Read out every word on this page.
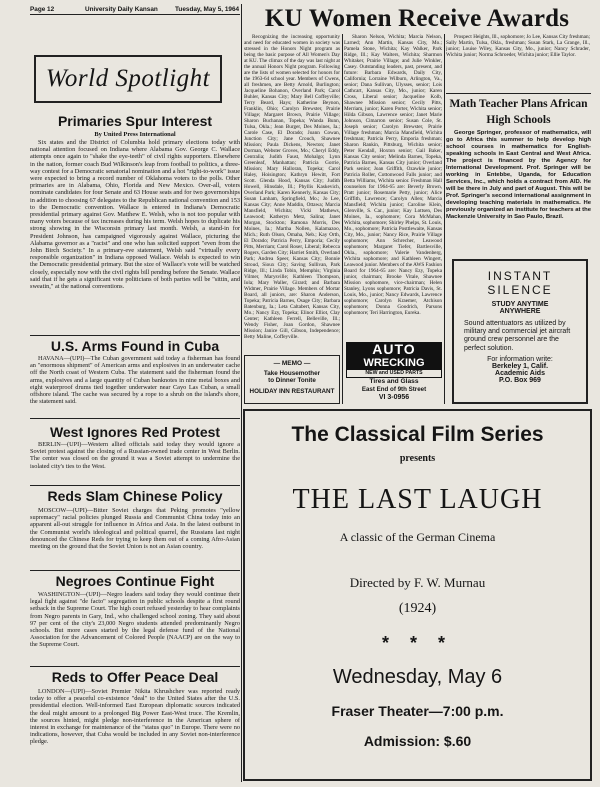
Page 12	University Daily Kansan	Tuesday, May 5, 1964
World Spotlight
Primaries Spur Interest
By United Press International

Six states and the District of Columbia hold primary elections today with national attention focused on Indiana where Alabama Gov. George C. Wallace attempts once again to "shake the eye-teeth" of civil rights supporters. Elsewhere in the nation, former coach Bud Wilkinson's leap from football to politics, a three-way contest for a Democratic senatorial nomination and a hot "right-to-work" issue were expected to bring a record number of Oklahoma voters to the polls. Other primaries are in Alabama, Ohio, Florida and New Mexico. Over-all, voters nominate candidates for four Senate and 63 House seats and for two governorships in addition to choosing 67 delegates to the Republican national convention and 153 to the Democratic convention. Wallace is entered in Indiana's Democratic presidential primary against Gov. Matthew E. Welsh, who is not too popular with many voters because of tax increases during his term. Welsh hopes to duplicate his strong showing in the Wisconsin primary last month. Welsh, a stand-in for President Johnson, has campaigned vigorously against Wallace, picturing the Alabama governor as a "racist" and one who has solicited support "even from the John Birch Society." In a primary-eve statement, Welsh said "virtually every responsible organization" in Indiana opposed Wallace. Welsh is expected to win the Democratic presidential primary. But the size of Wallace's vote will be watched closely, especially now with the civil rights bill pending before the Senate. Wallace said that if he gets a significant vote politicians of both parties will be "sittin, and sweatin," at the national conventions.

U.S. Arms Found in Cuba

HAVANA—(UPI)—The Cuban government said today a fisherman has found an "enormous shipment" of American arms and explosives in an underwater cache off the North coast of Western Cuba. The statement said the fisherman found the arms, explosives and a large quantity of Cuban banknotes in nine metal boxes and eight waterproof drums tied together underwater near Cayo Las Cuban, a small offshore island. The cache was secured by a rope to a shrub on the island's shore, the statement said.

West Ignores Red Protest

BERLIN—(UPI)—Western allied officials said today they would ignore a Soviet protest against the closing of a Russian-owned trade center in West Berlin. The center was closed on the ground it was a Soviet attempt to undermine the isolated city's ties to the West.

Reds Slam Chinese Policy

MOSCOW—(UPI)—Bitter Soviet charges that Peking promotes "yellow supremacy" racial policies plunged Russia and Communist China today into an apparent all-out struggle for influence in Africa and Asia. In the latest outburst in the Communist world's ideological and political quarrel, the Russians last night denounced the Chinese Reds for trying to keep them out of a coming Afro-Asian meeting on the ground that the Soviet Union is not an Asian country.

Negroes Continue Fight

WASHINGTON—(UPI)—Negro leaders said today they would continue their legal fight against "de facto" segregation in public schools despite a first round setback in the Supreme Court. The high court refused yesterday to hear complaints from Negro parents in Gary, Ind., who challenged school zoning. They said about 97 per cent of the city's 23,000 Negro students attended predominantly Negro schools. But more cases started by the legal defense fund of the National Association for the Advancement of Colored People (NAACP) are on the way to the Supreme Court.

Reds to Offer Peace Deal

LONDON—(UPI)—Soviet Premier Nikita Khrushchev was reported ready today to offer a peaceful co-existence "deal" to the United States after the U.S. presidential election. Well-informed East European diplomatic sources indicated the deal might amount to a prolonged Big Power East-West truce. The Kremlin, the sources hinted, might pledge non-interference in the American sphere of interest in exchange for maintenance of the "status quo" in Europe. There were no indications, however, that Cuba would be included in any Soviet non-interference pledge.

KU Women Receive Awards

Recognizing the increasing opportunity and need for educated women in society was stressed in the Honors Night program as being the basic purpose of All Women's Day at KU. The climax of the day was last night at the annual Honors Night program. Following are the lists of women selected for honors for the 1963-64 school year. Members of Cwens, all freshmen, are Betty Arnold, Burlington; Jacqueline Bohanon, Overland Park; Carol Buhler, Kansas City; Mary Bell Coffeyville; Terry Beard, Hays; Katherine Beynon, Franklin, Ohio; Carolyn Brewster, Prairie Village; Margaret Brown, Prairie Village; Sharon Buchanan, Topeka; Wanda Bunn, Tulsa, Okla.; Jean Burger, Des Moines, Ia.; Carole Case, El Dorado; Joann Cowan, Junction City; Jane Crouch, Shawnee Mission; Paula Dickens, Newton; Janet Dorman, Webster Groves, Mo.; Cheryl Eddy, Centralia; Judith Faust, Mohalgo; Lynn Greenleaf, Manhattan; Patricia Gorrie, Mission; Mary Halloran, Topeka; Carol Haley, Hoisington; Kathryn Hewitt, Fort Scott. Glenda Hood, Kansas City; Judith Howell, Hinsdale, Ill.; Phyllis Kaskevich, Overland Park; Karen Kennerly, Kansas City; Susan Lanham, Springfield, Mo.; Jo Lee, Kansas City; Anne Maddin, Ottawa; Marcia Mansfield, Wichita; Vicki Mathews, Leawood; Katheryn Metz, Salina; Janet Morgan, Stockton; Ramona Morris, Des Moines, Ia.; Martha Nollen, Kalamazoo, Mich.; Ruth Olson, Omaha, Neb.; Kay Orth, El Dorado; Patricia Perry, Emporia; Cecily Pitts, Merriam; Carol Roser, Liberal; Rebecca Rogers, Garden City; Harriet Smith, Overland Park; Andrea Speer, Kansas City; Bonnie Stroud, Sioux City; Saving Sullivan, Park Ridge, Ill.; Linda Tobin, Memphis; Virginia Vilmer, Marysville; Kathleen Thompson, Iola; Mary Waller, Girard; and Barbara Widmer, Prairie Village. Members of Mortar Board, all juniors, are: Sharon Anderson, Topeka; Patricia Barnes, Osage City; Barbara Batenburg, Ia.; Leta Caltabert, Kansas City, Mo.; Nancy Ezy, Topeka; Elinor Elliot, Clay Center; Kathleen Ferrell, Belleville, Ill.; Wendy Fisher, Joan Gordon, Shawnee Mission; Janice Gill, Gibson, Independence; Betty Maline, Coffeyville.

Sharon Nelson, Wichita; Marcia Nelson, Larned; Ann Martin, Kansas City, Mo.; Pamela Stone, Wichita; Kay Walker, Park Ridge, Ill.; Kay Walters, Wichita; Sharmon Whitaker, Prairie Village; and Julie Winkler, Casey. Outstanding leaders, past, present, and future: Barbara Edwards, Daily City, California; Lorraine Wilburn, Arlington, Va., senior; Dana Sullivan, Ulysses, senior; Lois Cathcart, Kansas City, Mo., junior; Karen Cross, Liberal senior; Jacqueline Kolb, Shawnee Mission senior; Cecily Pitts, Merriam, junior; Karen Porter, Wichita senior; Hilda Gibson, Lawrence senior; Janet Marie Johnson, Cimarron senior; Susan Cole, St. Joseph senior; Carolyn Brewster, Prairie Village freshman; Marcia Mansfield, Wichita freshman; Patricia Perry, Emporia freshman; Sharon Rankin, Pittsburg, Wichita senior; Peter Kendall, Hoxton senior; Gail Baker, Kansas City senior; Melinda Barnes, Topeka, Patricia Barnes, Kansas City junior; Overland Park senior; Joan Griffith, Ozawkie junior; Patricia Roller, Cottonwood Falls junior; and Betta Williams, Wichita senior. Freshman Hall counselors for 1964-65 are: Beverly Brown, Pratt junior; Rosemarie Petty, junior; Alice Griffith, Lawrence; Carolyn Allen; Marcia Mansfield; Wichita junior; Caroline Klein, Glenville, S. Car., junior; Kay Lottsen, Des Moines, Ia., sophomore; Cora McMahan, Wichita, sophomore; Shirley Phelps, St. Louis, Mo., sophomore; Patricia Posttlewaite, Kansas City, Mo., junior; Nancy Rice, Prairie Village sophomore; Ann Schrecher, Leawood sophomore; Margaret Tiefer, Bartlesville, Okla., sophomore; Valerie Vandenberg, Wichita sophomore; and Kathleen Wingert, Leawood junior. Members of the AWS Fashion Board for 1964-65 are: Nancy Ezy, Topeka junior, chairman; Brooke Vitale, Shawnee Mission sophomore, vice-chairman; Helen Stanley, Lyons sophomore; Patricia Davis, St. Louis, Mo., junior; Nancy Edwards, Lawrence sophomore; Carolyn Kraemer, Atchison sophomore; Donna Goodrich, Parsons sophomore; Teri Harrington, Eureka.

Prospect Heights, Ill., sophomore; Jo Lee, Kansas City freshman; Sally Martin, Tulsa, Okla., freshman; Susan Stark, La Grange, Ill., junior; Louise Wiley, Kansas City, Mo., junior; Nancy Schrader, Wichita junior; Norma Schroeder, Wichita junior; Ellie Taylor.

Math Teacher Plans African High Schools

George Springer, professor of mathematics, will go to Africa this summer to help develop high school courses in mathematics for English-speaking schools in East Central and West Africa. The project is financed by the Agency for International Development. Prof. Springer will be working in Entebbe, Uganda, for Education Services, Inc., which holds a contract from AID. He will be there in July and part of August. This will be Prof. Springer's second international assignment in developing teaching materials in mathematics. He previously organized an institute for teachers at the Mackenzie University in Sao Paulo, Brazil.

INSTANT
SILENCE
STUDY ANYTIME
ANYWHERE
Sound attentuators as utilized by military and commercial jet aircraft ground crew personnel are the perfect solution.
For information write:
Berkeley 1, Calif.
Academic Aids
P.O. Box 969
— MEMO —
Take Housemother
to Dinner Tonite
HOLIDAY INN RESTAURANT
AUTO
WRECKING
NEW and USED PARTS
Tires and Glass
East End of 9th Street
VI 3-0956
The Classical Film Series
presents
THE LAST LAUGH
A classic of the German Cinema
Directed by F. W. Murnau
(1924)
* * *
Wednesday, May 6
Fraser Theater—7:00 p.m.
Admission: $.60
